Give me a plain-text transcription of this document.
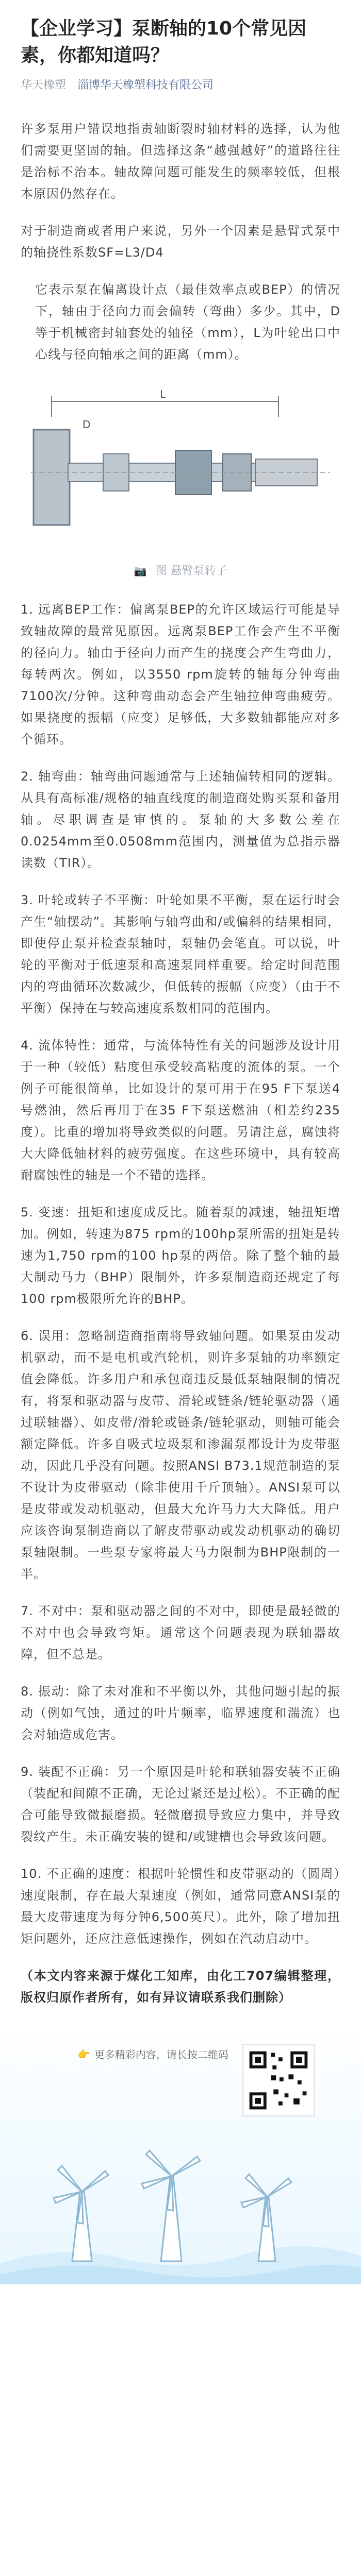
【企业学习】泵断轴的10个常见因素，你都知道吗？
华天橡塑 淄博华天橡塑科技有限公司

许多泵用户错误地指责轴断裂时轴材料的选择，认为他们需要更坚固的轴。但选择这条“越强越好”的道路往往是治标不治本。轴故障问题可能发生的频率较低，但根本原因仍然存在。

对于制造商或者用户来说，另外一个因素是悬臂式泵中的轴挠性系数SF=L3/D4

它表示泵在偏离设计点（最佳效率点或BEP）的情况下，轴由于径向力而会偏转（弯曲）多少。其中，D等于机械密封轴套处的轴径（mm），L为叶轮出口中心线与径向轴承之间的距离（mm）。

L
D

📷 图 悬臂泵转子

1. 远离BEP工作：偏离泵BEP的允许区域运行可能是导致轴故障的最常见原因。远离泵BEP工作会产生不平衡的径向力。轴由于径向力而产生的挠度会产生弯曲力，每转两次。例如，以3550 rpm旋转的轴每分钟弯曲7100次/分钟。这种弯曲动态会产生轴拉伸弯曲疲劳。如果挠度的振幅（应变）足够低，大多数轴都能应对多个循环。

2. 轴弯曲：轴弯曲问题通常与上述轴偏转相同的逻辑。从具有高标准/规格的轴直线度的制造商处购买泵和备用轴。尽职调查是审慎的。泵轴的大多数公差在0.0254mm至0.0508mm范围内，测量值为总指示器读数（TIR）。

3. 叶轮或转子不平衡：叶轮如果不平衡，泵在运行时会产生“轴摆动”。其影响与轴弯曲和/或偏斜的结果相同，即使停止泵并检查泵轴时，泵轴仍会笔直。可以说，叶轮的平衡对于低速泵和高速泵同样重要。给定时间范围内的弯曲循环次数减少，但低转的振幅（应变）（由于不平衡）保持在与较高速度系数相同的范围内。

4. 流体特性：通常，与流体特性有关的问题涉及设计用于一种（较低）粘度但承受较高粘度的流体的泵。一个例子可能很简单，比如设计的泵可用于在95 F下泵送4号燃油，然后再用于在35 F下泵送燃油（相差约235度）。比重的增加将导致类似的问题。另请注意，腐蚀将大大降低轴材料的疲劳强度。在这些环境中，具有较高耐腐蚀性的轴是一个不错的选择。

5. 变速：扭矩和速度成反比。随着泵的减速，轴扭矩增加。例如，转速为875 rpm的100hp泵所需的扭矩是转速为1,750 rpm的100 hp泵的两倍。除了整个轴的最大制动马力（BHP）限制外，许多泵制造商还规定了每100 rpm极限所允许的BHP。

6. 误用：忽略制造商指南将导致轴问题。如果泵由发动机驱动，而不是电机或汽轮机，则许多泵轴的功率额定值会降低。许多用户和承包商违反最低泵轴限制的情况有，将泵和驱动器与皮带、滑轮或链条/链轮驱动器（通过联轴器）、如皮带/滑轮或链条/链轮驱动，则轴可能会额定降低。许多自吸式垃圾泵和渗漏泵都设计为皮带驱动，因此几乎没有问题。按照ANSI B73.1规范制造的泵不设计为皮带驱动（除非使用千斤顶轴）。ANSI泵可以是皮带或发动机驱动，但最大允许马力大大降低。用户应该咨询泵制造商以了解皮带驱动或发动机驱动的确切泵轴限制。一些泵专家将最大马力限制为BHP限制的一半。

7. 不对中：泵和驱动器之间的不对中，即使是最轻微的不对中也会导致弯矩。通常这个问题表现为联轴器故障，但不总是。

8. 振动：除了未对准和不平衡以外，其他问题引起的振动（例如气蚀，通过的叶片频率，临界速度和湍流）也会对轴造成危害。

9. 装配不正确：另一个原因是叶轮和联轴器安装不正确（装配和间隙不正确，无论过紧还是过松）。不正确的配合可能导致微振磨损。轻微磨损导致应力集中，并导致裂纹产生。未正确安装的键和/或键槽也会导致该问题。

10. 不正确的速度：根据叶轮惯性和皮带驱动的（圆周）速度限制，存在最大泵速度（例如，通常同意ANSI泵的最大皮带速度为每分钟6,500英尺）。此外，除了增加扭矩问题外，还应注意低速操作，例如在汽动启动中。

（本文内容来源于煤化工知库，由化工707编辑整理，版权归原作者所有，如有异议请联系我们删除）

👉 更多精彩内容，请长按二维码
